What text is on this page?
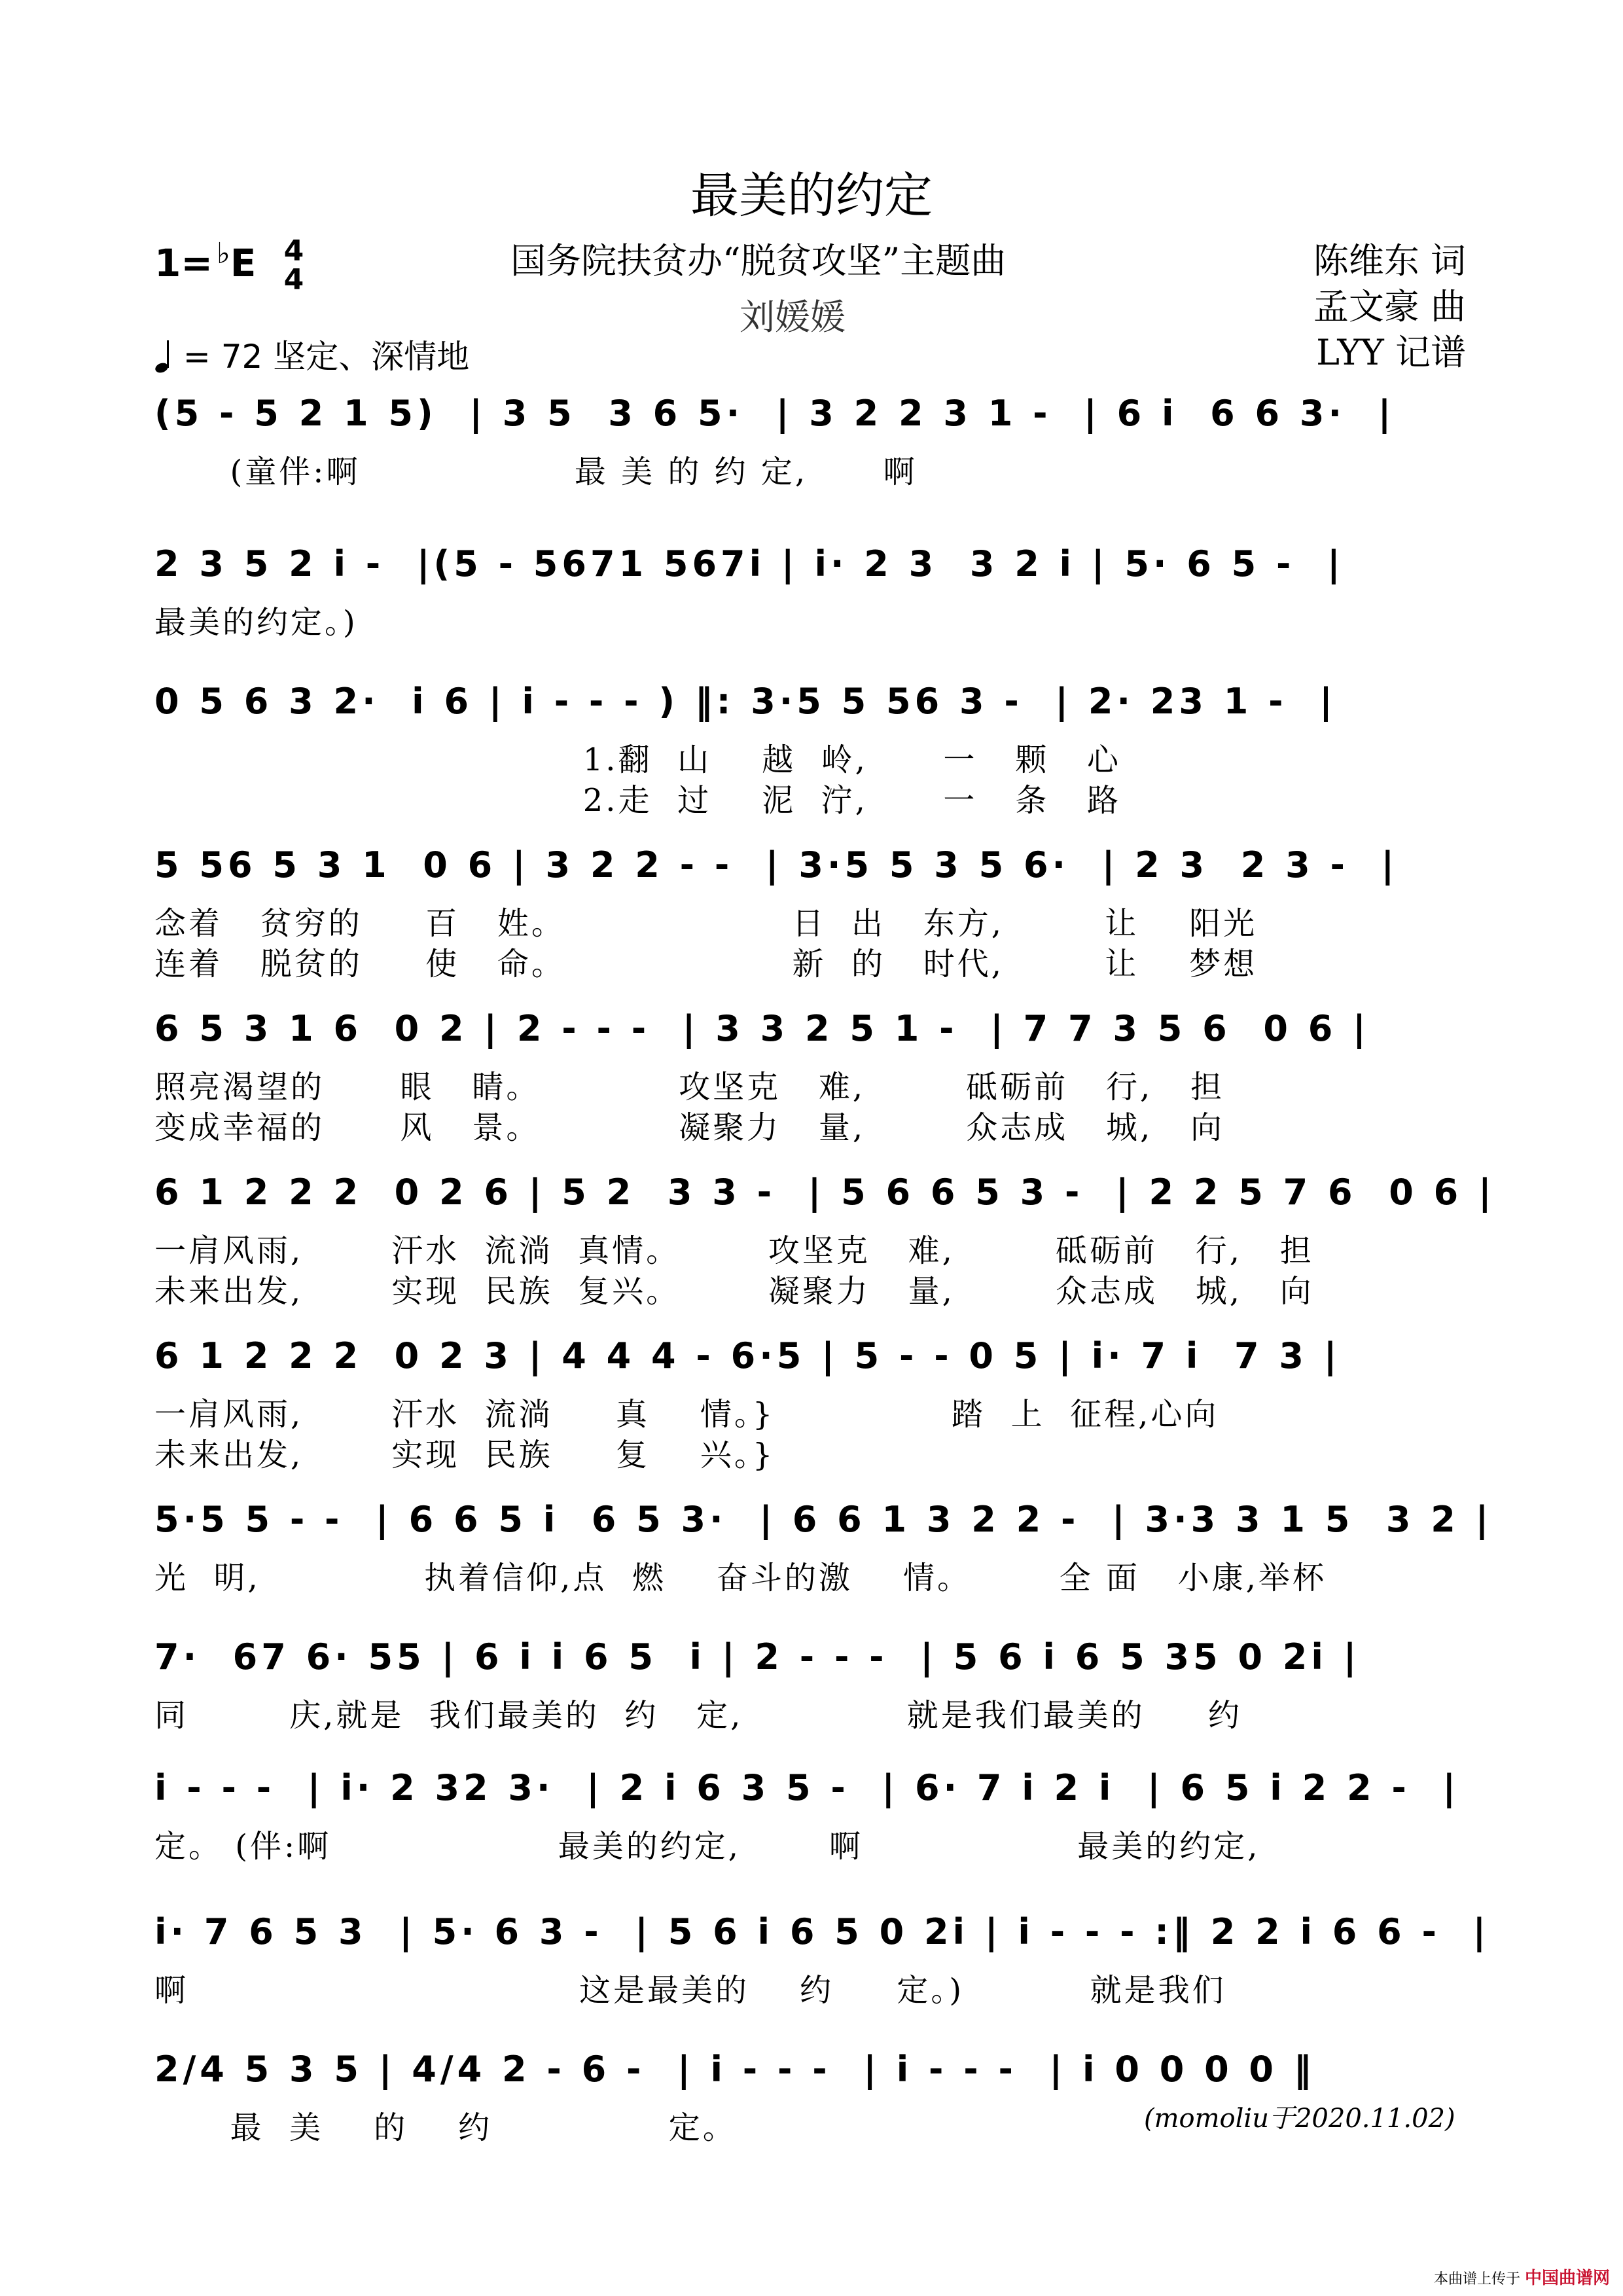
最美的约定
1= ♭E 4
4	国务院扶贫办“脱贫攻坚”主题曲
刘媛媛
陈维东 词
孟文豪 曲
LYY 记谱
= 72 坚定、深情地
(5 - 5 2 1 5)  | 3 5  3 6 5·  | 3 2 2 3 1 -  | 6 i  6 6 3·  |
(童伴:啊                 最 美 的 约 定,      啊
2 3 5 2 i -  |(5 - 5671 567i | i· 2 3  3 2 i | 5· 6 5 -  |
最美的约定。)
0 5 6 3 2·  i 6 | i - - - ) ‖: 3·5 5 56 3 -  | 2· 23 1 -  |
1.翻  山    越  岭,      一   颗   心
2.走  过    泥  泞,      一   条   路
5 56 5 3 1  0 6 | 3 2 2 - -  | 3·5 5 3 5 6·  | 2 3  2 3 -  |
念着   贫穷的     百   姓。                  日  出   东方,        让    阳光
连着   脱贫的     使   命。                  新  的   时代,        让    梦想
6 5 3 1 6  0 2 | 2 - - -  | 3 3 2 5 1 -  | 7 7 3 5 6  0 6 |
照亮渴望的      眼   睛。           攻坚克   难,        砥砺前   行,   担
变成幸福的      风   景。           凝聚力   量,        众志成   城,   向
6 1 2 2 2  0 2 6 | 5 2  3 3 -  | 5 6 6 5 3 -  | 2 2 5 7 6  0 6 |
一肩风雨,       汗水  流淌  真情。       攻坚克   难,        砥砺前   行,   担
未来出发,       实现  民族  复兴。       凝聚力   量,        众志成   城,   向
6 1 2 2 2  0 2 3 | 4 4 4 - 6·5 | 5 - - 0 5 | i· 7 i  7 3 |
一肩风雨,       汗水  流淌     真    情。}              踏  上  征程,心向
未来出发,       实现  民族     复    兴。}
5·5 5 - -  | 6 6 5 i  6 5 3·  | 6 6 1 3 2 2 -  | 3·3 3 1 5  3 2 |
光  明,             执着信仰,点  燃    奋斗的激    情。       全 面   小康,举杯
7·  67 6· 55 | 6 i i 6 5  i | 2 - - -  | 5 6 i 6 5 35 0 2i |
同        庆,就是  我们最美的  约   定,             就是我们最美的     约
i - - -  | i· 2 32 3·  | 2 i 6 3 5 -  | 6· 7 i 2 i  | 6 5 i 2 2 -  |
定。 (伴:啊                  最美的约定,       啊                 最美的约定,
i· 7 6 5 3  | 5· 6 3 -  | 5 6 i 6 5 0 2i | i - - - :‖ 2 2 i 6 6 -  |
啊                               这是最美的    约     定。)          就是我们
2/4 5 3 5 | 4/4 2 - 6 -  | i - - -  | i - - -  | i 0 0 0 0 ‖
最  美    的    约              定。	(momoliu于2020.11.02)
本曲谱上传于 中国曲谱网
